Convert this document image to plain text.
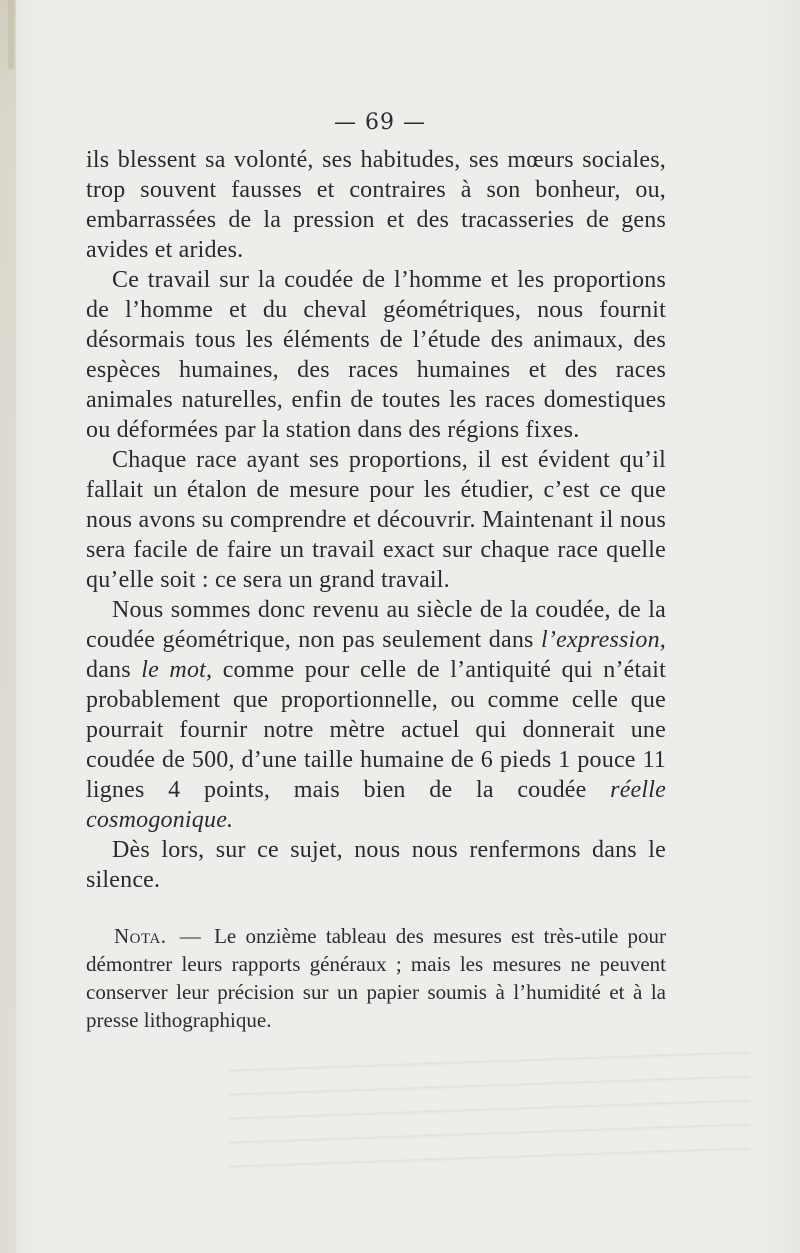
— 69 —

ils blessent sa volonté, ses habitudes, ses mœurs sociales, trop souvent fausses et contraires à son bonheur, ou, embarrassées de la pression et des tracasseries de gens avides et arides.

Ce travail sur la coudée de l’homme et les proportions de l’homme et du cheval géométriques, nous fournit désormais tous les éléments de l’étude des animaux, des espèces humaines, des races humaines et des races animales naturelles, enfin de toutes les races domestiques ou déformées par la station dans des régions fixes.

Chaque race ayant ses proportions, il est évident qu’il fallait un étalon de mesure pour les étudier, c’est ce que nous avons su comprendre et découvrir. Maintenant il nous sera facile de faire un travail exact sur chaque race quelle qu’elle soit : ce sera un grand travail.

Nous sommes donc revenu au siècle de la coudée, de la coudée géométrique, non pas seulement dans l’expression, dans le mot, comme pour celle de l’antiquité qui n’était probablement que proportionnelle, ou comme celle que pourrait fournir notre mètre actuel qui donnerait une coudée de 500, d’une taille humaine de 6 pieds 1 pouce 11 lignes 4 points, mais bien de la coudée réelle cosmogonique.

Dès lors, sur ce sujet, nous nous renfermons dans le silence.

Nota. — Le onzième tableau des mesures est très-utile pour démontrer leurs rapports généraux ; mais les mesures ne peuvent conserver leur précision sur un papier soumis à l’humidité et à la presse lithographique.
